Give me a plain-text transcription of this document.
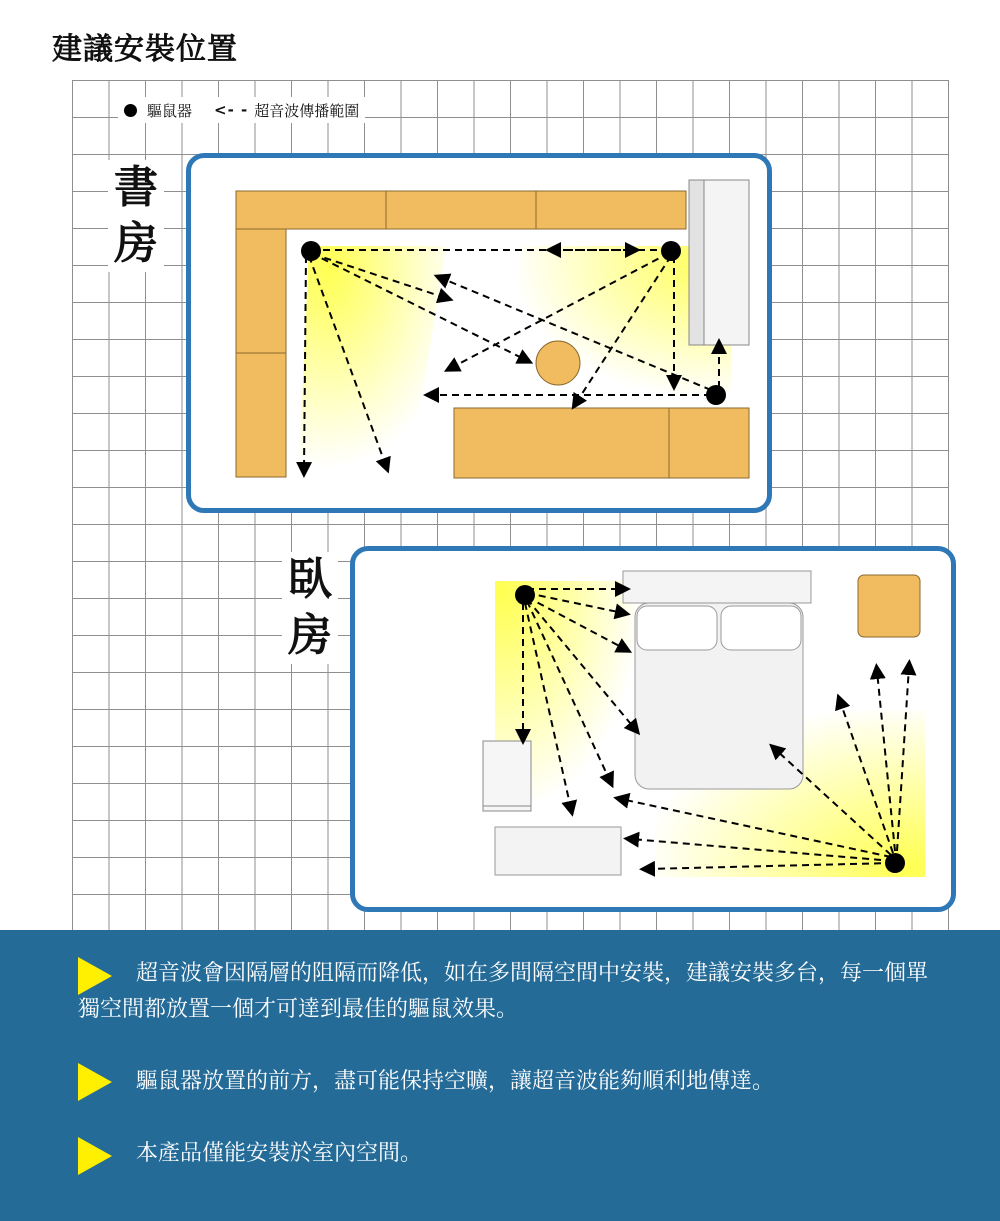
建議安裝位置
驅鼠器 <- - 超音波傳播範圍
書
房
臥
房
超音波會因隔層的阻隔而降低，如在多間隔空間中安裝，建議安裝多台，每一個單獨空間都放置一個才可達到最佳的驅鼠效果。
驅鼠器放置的前方，盡可能保持空曠，讓超音波能夠順利地傳達。
本產品僅能安裝於室內空間。
